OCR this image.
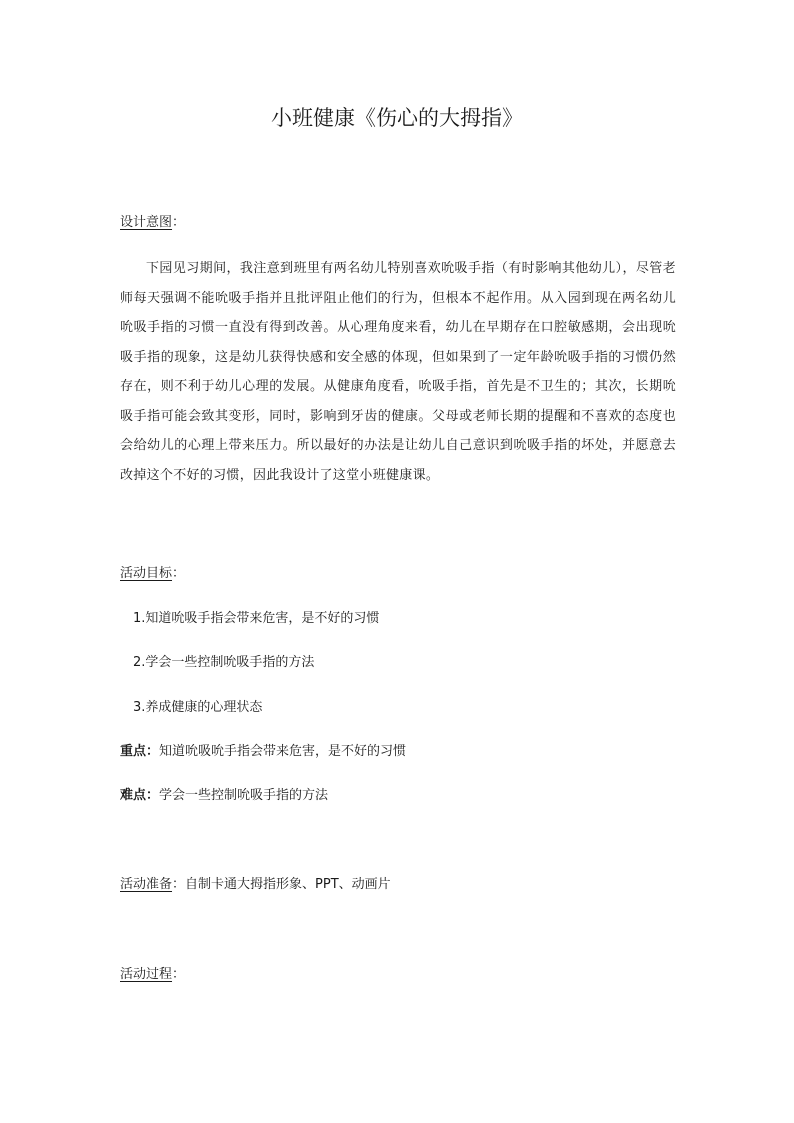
小班健康《伤心的大拇指》

设计意图：

下园见习期间，我注意到班里有两名幼儿特别喜欢吮吸手指（有时影响其他幼儿），尽管老师每天强调不能吮吸手指并且批评阻止他们的行为，但根本不起作用。从入园到现在两名幼儿吮吸手指的习惯一直没有得到改善。从心理角度来看，幼儿在早期存在口腔敏感期，会出现吮吸手指的现象，这是幼儿获得快感和安全感的体现，但如果到了一定年龄吮吸手指的习惯仍然存在，则不利于幼儿心理的发展。从健康角度看，吮吸手指，首先是不卫生的；其次，长期吮吸手指可能会致其变形，同时，影响到牙齿的健康。父母或老师长期的提醒和不喜欢的态度也会给幼儿的心理上带来压力。所以最好的办法是让幼儿自己意识到吮吸手指的坏处，并愿意去改掉这个不好的习惯，因此我设计了这堂小班健康课。

活动目标：

1.知道吮吸手指会带来危害，是不好的习惯

2.学会一些控制吮吸手指的方法

3.养成健康的心理状态

重点：知道吮吸吮手指会带来危害，是不好的习惯

难点：学会一些控制吮吸手指的方法

活动准备：自制卡通大拇指形象、PPT、动画片

活动过程：
